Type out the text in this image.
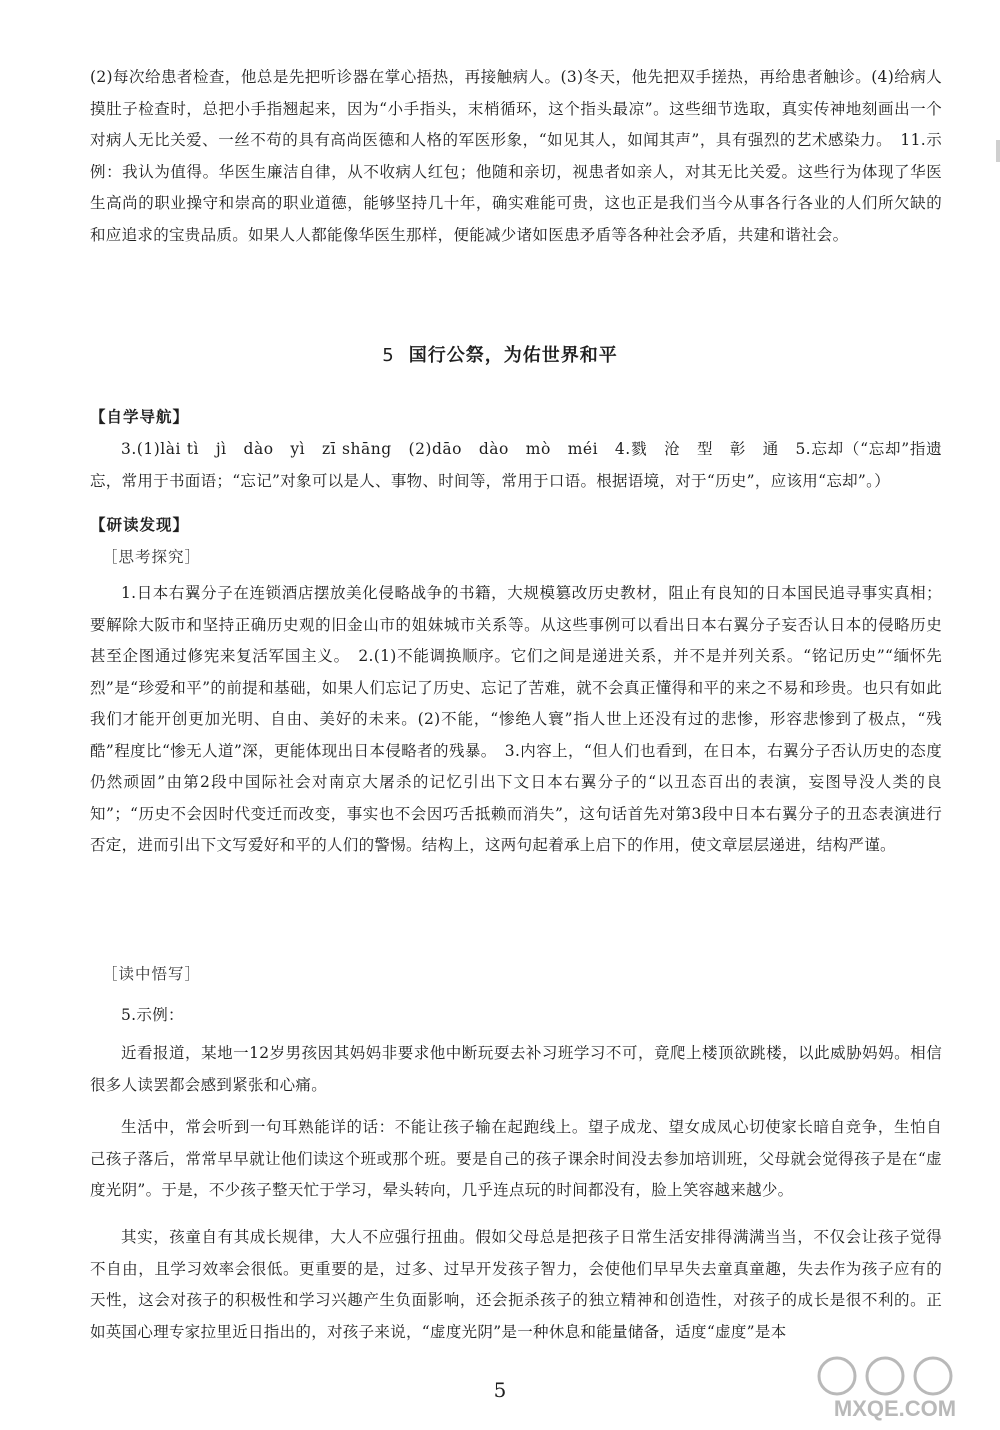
(2)每次给患者检查，他总是先把听诊器在掌心捂热，再接触病人。(3)冬天，他先把双手搓热，再给患者触诊。(4)给病人摸肚子检查时，总把小手指翘起来，因为“小手指头，末梢循环，这个指头最凉”。这些细节选取，真实传神地刻画出一个对病人无比关爱、一丝不苟的具有高尚医德和人格的军医形象，“如见其人，如闻其声”，具有强烈的艺术感染力。　11.示例：我认为值得。华医生廉洁自律，从不收病人红包；他随和亲切，视患者如亲人，对其无比关爱。这些行为体现了华医生高尚的职业操守和崇高的职业道德，能够坚持几十年，确实难能可贵，这也正是我们当今从事各行各业的人们所欠缺的和应追求的宝贵品质。如果人人都能像华医生那样，便能减少诸如医患矛盾等各种社会矛盾，共建和谐社会。

5 国行公祭，为佑世界和平
【自学导航】

3.(1)lài tì　jì　dào　yì　zī shāng　(2)dāo　dào　mò　méi　4.戮　沧　型　彰　通　5.忘却（“忘却”指遗忘，常用于书面语；“忘记”对象可以是人、事物、时间等，常用于口语。根据语境，对于“历史”，应该用“忘却”。）

【研读发现】
［思考探究］

1.日本右翼分子在连锁酒店摆放美化侵略战争的书籍，大规模篡改历史教材，阻止有良知的日本国民追寻事实真相；要解除大阪市和坚持正确历史观的旧金山市的姐妹城市关系等。从这些事例可以看出日本右翼分子妄否认日本的侵略历史甚至企图通过修宪来复活军国主义。　2.(1)不能调换顺序。它们之间是递进关系，并不是并列关系。“铭记历史”“缅怀先烈”是“珍爱和平”的前提和基础，如果人们忘记了历史、忘记了苦难，就不会真正懂得和平的来之不易和珍贵。也只有如此我们才能开创更加光明、自由、美好的未来。(2)不能，“惨绝人寰”指人世上还没有过的悲惨，形容悲惨到了极点，“残酷”程度比“惨无人道”深，更能体现出日本侵略者的残暴。　3.内容上，“但人们也看到，在日本，右翼分子否认历史的态度仍然顽固”由第2段中国际社会对南京大屠杀的记忆引出下文日本右翼分子的“以丑态百出的表演，妄图导没人类的良知”；“历史不会因时代变迁而改变，事实也不会因巧舌抵赖而消失”，这句话首先对第3段中日本右翼分子的丑态表演进行否定，进而引出下文写爱好和平的人们的警惕。结构上，这两句起着承上启下的作用，使文章层层递进，结构严谨。

［读中悟写］

5.示例：

近看报道，某地一12岁男孩因其妈妈非要求他中断玩耍去补习班学习不可，竟爬上楼顶欲跳楼，以此威胁妈妈。相信很多人读罢都会感到紧张和心痛。

生活中，常会听到一句耳熟能详的话：不能让孩子输在起跑线上。望子成龙、望女成凤心切使家长暗自竞争，生怕自己孩子落后，常常早早就让他们读这个班或那个班。要是自己的孩子课余时间没去参加培训班，父母就会觉得孩子是在“虚度光阴”。于是，不少孩子整天忙于学习，晕头转向，几乎连点玩的时间都没有，脸上笑容越来越少。

其实，孩童自有其成长规律，大人不应强行扭曲。假如父母总是把孩子日常生活安排得满满当当，不仅会让孩子觉得不自由，且学习效率会很低。更重要的是，过多、过早开发孩子智力，会使他们早早失去童真童趣，失去作为孩子应有的天性，这会对孩子的积极性和学习兴趣产生负面影响，还会扼杀孩子的独立精神和创造性，对孩子的成长是很不利的。正如英国心理专家拉里近日指出的，对孩子来说，“虚度光阴”是一种休息和能量储备，适度“虚度”是本

5
MXQE.COM
